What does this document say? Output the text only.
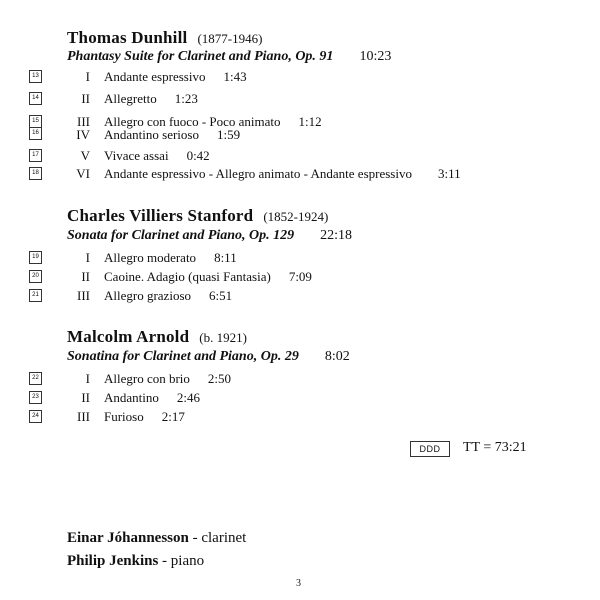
Thomas Dunhill (1877-1946)
Phantasy Suite for Clarinet and Piano, Op. 91 10:23
13	I Andante espressivo 1:43
14	II Allegretto 1:23
15	III Allegro con fuoco - Poco animato 1:12
16	IV Andantino serioso 1:59
17	V Vivace assai 0:42
18	VI Andante espressivo - Allegro animato - Andante espressivo 3:11
Charles Villiers Stanford (1852-1924)
Sonata for Clarinet and Piano, Op. 129 22:18
19	I Allegro moderato 8:11
20	II Caoine. Adagio (quasi Fantasia) 7:09
21	III Allegro grazioso 6:51
Malcolm Arnold (b. 1921)
Sonatina for Clarinet and Piano, Op. 29 8:02
22	I Allegro con brio 2:50
23	II Andantino 2:46
24	III Furioso 2:17
DDD	TT = 73:21
Einar Jóhannesson - clarinet
Philip Jenkins - piano
3
